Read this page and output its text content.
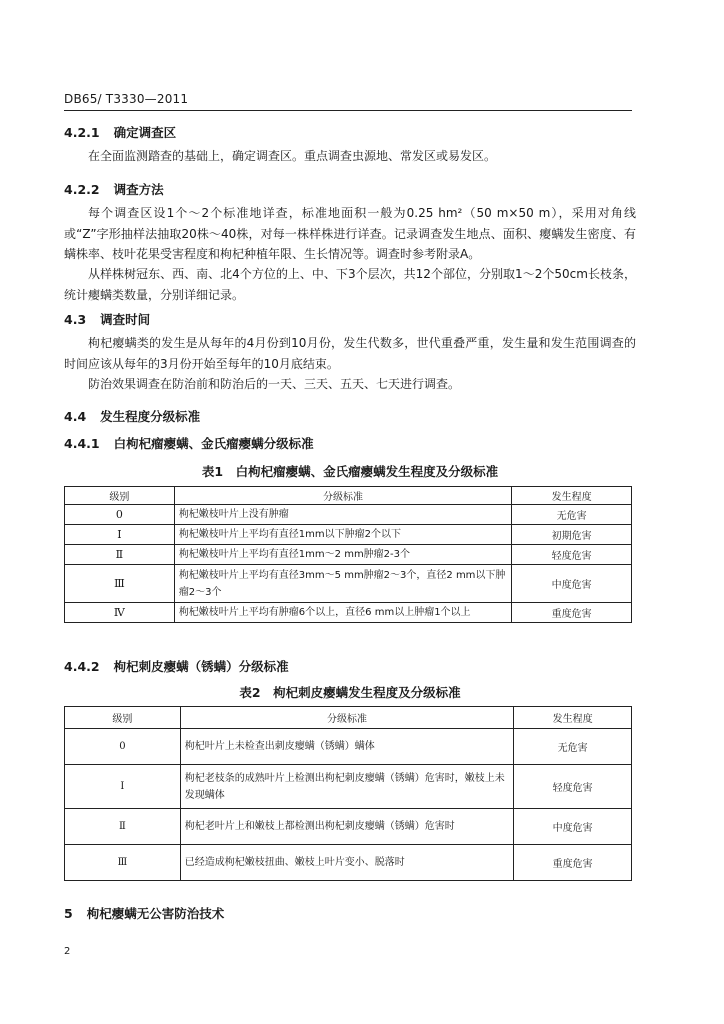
DB65/ T3330—2011
4.2.1 确定调查区
在全面监测踏查的基础上，确定调查区。重点调查虫源地、常发区或易发区。
4.2.2 调查方法
每个调查区设1个～2个标准地详查，标准地面积一般为0.25 hm²（50 m×50 m），采用对角线或“Z”字形抽样法抽取20株～40株，对每一株样株进行详查。记录调查发生地点、面积、瘿螨发生密度、有螨株率、枝叶花果受害程度和枸杞种植年限、生长情况等。调查时参考附录A。
从样株树冠东、西、南、北4个方位的上、中、下3个层次，共12个部位，分别取1～2个50cm长枝条，统计瘿螨类数量，分别详细记录。
4.3 调查时间
枸杞瘿螨类的发生是从每年的4月份到10月份，发生代数多，世代重叠严重，发生量和发生范围调查的时间应该从每年的3月份开始至每年的10月底结束。
防治效果调查在防治前和防治后的一天、三天、五天、七天进行调查。
4.4 发生程度分级标准
4.4.1 白枸杞瘤瘿螨、金氏瘤瘿螨分级标准
表1　白枸杞瘤瘿螨、金氏瘤瘿螨发生程度及分级标准
级别	分级标准	发生程度
0	枸杞嫩枝叶片上没有肿瘤	无危害
Ⅰ	枸杞嫩枝叶片上平均有直径1mm以下肿瘤2个以下	初期危害
Ⅱ	枸杞嫩枝叶片上平均有直径1mm～2 mm肿瘤2-3个	轻度危害
Ⅲ	枸杞嫩枝叶片上平均有直径3mm～5 mm肿瘤2～3个，直径2 mm以下肿瘤2～3个	中度危害
Ⅳ	枸杞嫩枝叶片上平均有肿瘤6个以上，直径6 mm以上肿瘤1个以上	重度危害
4.4.2 枸杞刺皮瘿螨（锈螨）分级标准
表2　枸杞刺皮瘿螨发生程度及分级标准
级别	分级标准	发生程度
0	枸杞叶片上未检查出刺皮瘿螨（锈螨）螨体	无危害
Ⅰ	枸杞老枝条的成熟叶片上检测出枸杞刺皮瘿螨（锈螨）危害时，嫩枝上未发现螨体	轻度危害
Ⅱ	枸杞老叶片上和嫩枝上都检测出枸杞刺皮瘿螨（锈螨）危害时	中度危害
Ⅲ	已经造成枸杞嫩枝扭曲、嫩枝上叶片变小、脱落时	重度危害
5 枸杞瘿螨无公害防治技术
2
